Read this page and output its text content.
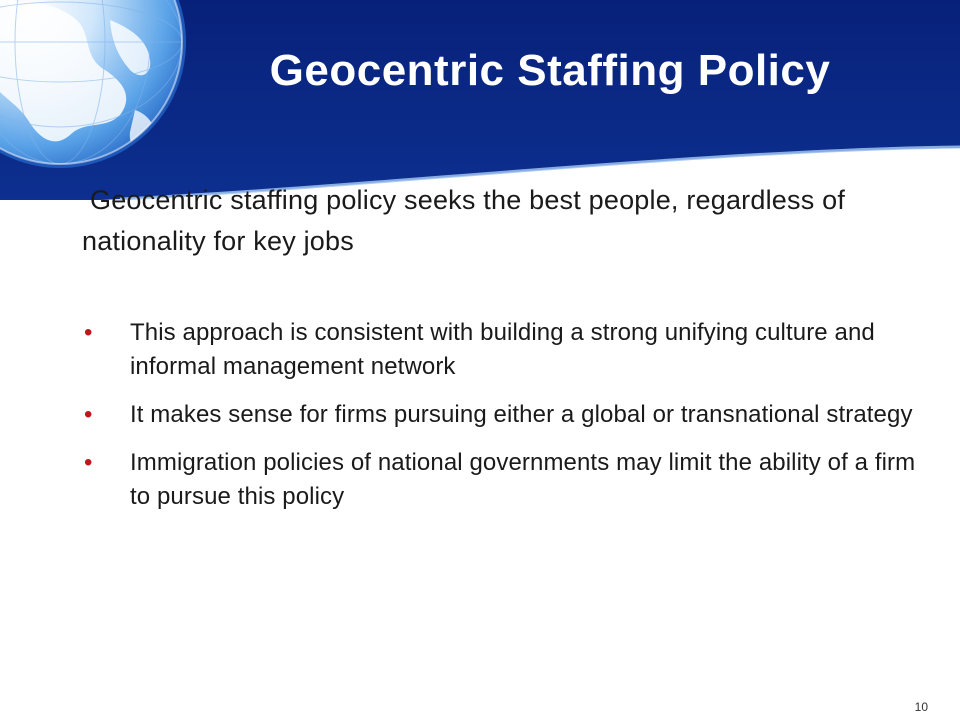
Geocentric Staffing Policy

Geocentric staffing policy seeks the best people, regardless of nationality for key jobs

• This approach is consistent with building a strong unifying culture and informal management network
• It makes sense for firms pursuing either a global or transnational strategy
• Immigration policies of national governments may limit the ability of a firm to pursue this policy
10
